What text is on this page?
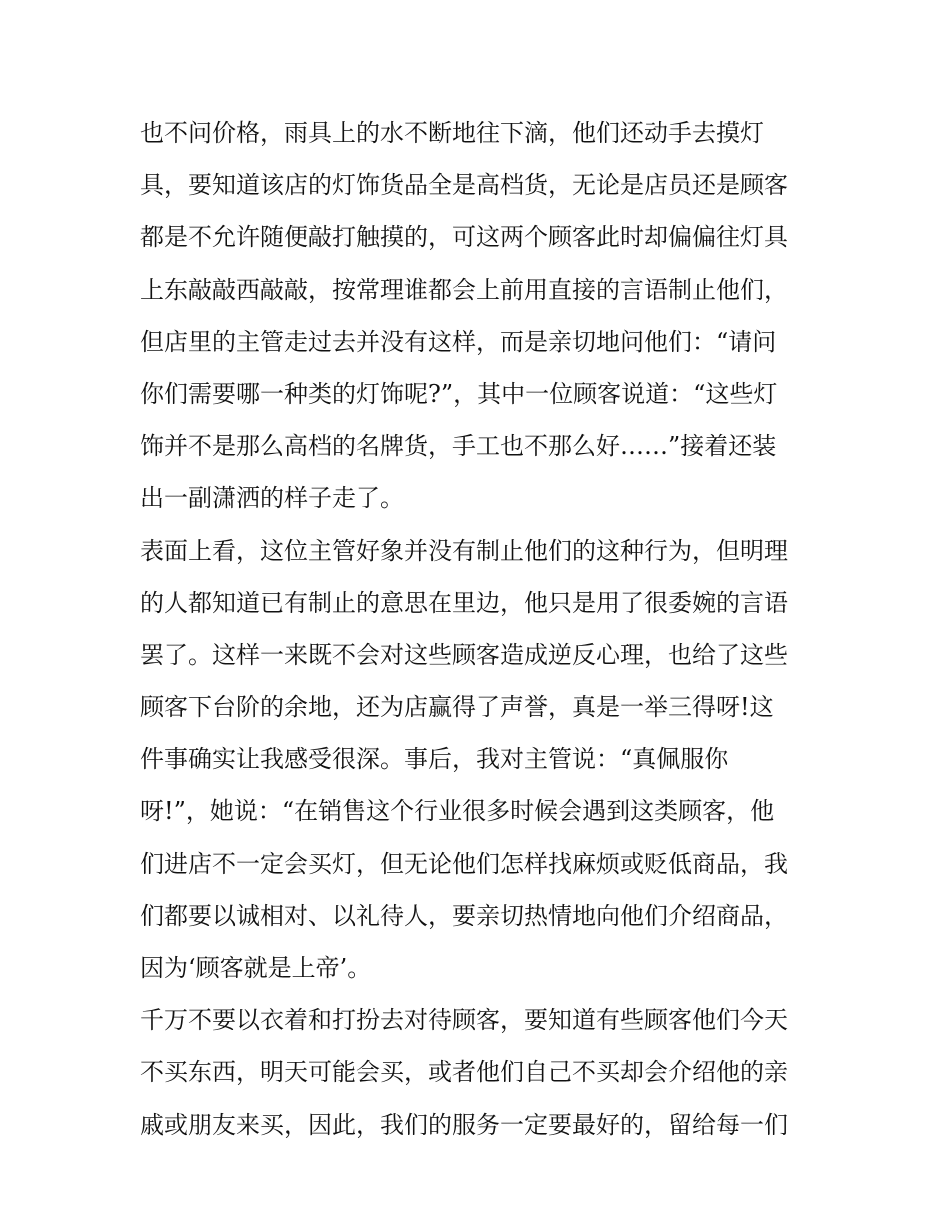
也不问价格，雨具上的水不断地往下滴，他们还动手去摸灯
具，要知道该店的灯饰货品全是高档货，无论是店员还是顾客
都是不允许随便敲打触摸的，可这两个顾客此时却偏偏往灯具
上东敲敲西敲敲，按常理谁都会上前用直接的言语制止他们，
但店里的主管走过去并没有这样，而是亲切地问他们：“请问
你们需要哪一种类的灯饰呢?”，其中一位顾客说道：“这些灯
饰并不是那么高档的名牌货，手工也不那么好……”接着还装
出一副潇洒的样子走了。
表面上看，这位主管好象并没有制止他们的这种行为，但明理
的人都知道已有制止的意思在里边，他只是用了很委婉的言语
罢了。这样一来既不会对这些顾客造成逆反心理，也给了这些
顾客下台阶的余地，还为店赢得了声誉，真是一举三得呀!这
件事确实让我感受很深。事后，我对主管说：“真佩服你
呀!”，她说：“在销售这个行业很多时候会遇到这类顾客，他
们进店不一定会买灯，但无论他们怎样找麻烦或贬低商品，我
们都要以诚相对、以礼待人，要亲切热情地向他们介绍商品，
因为‘顾客就是上帝’。
千万不要以衣着和打扮去对待顾客，要知道有些顾客他们今天
不买东西，明天可能会买，或者他们自己不买却会介绍他的亲
戚或朋友来买，因此，我们的服务一定要最好的，留给每一们
